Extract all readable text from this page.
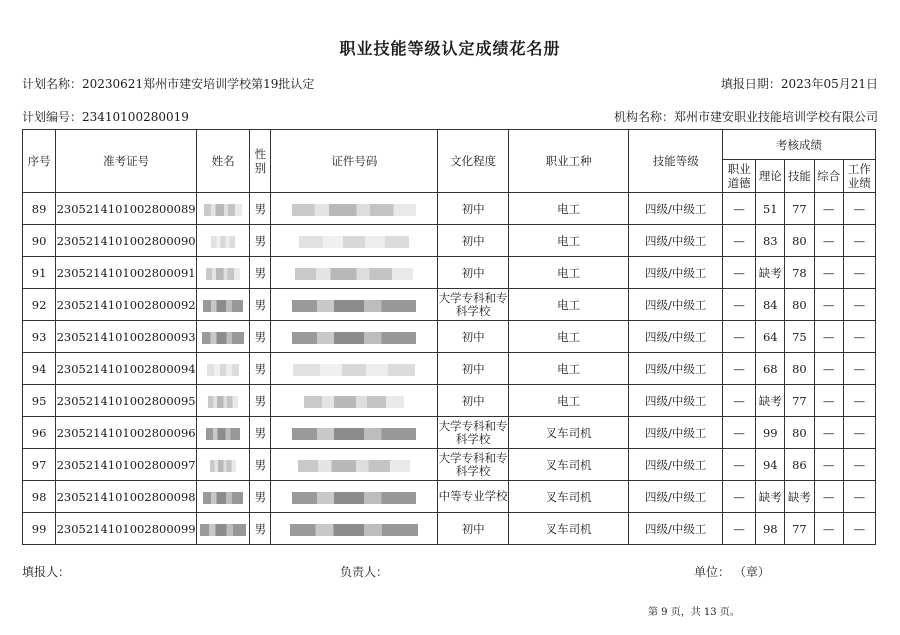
职业技能等级认定成绩花名册
计划名称：20230621郑州市建安培训学校第19批认定	填报日期：2023年05月21日
计划编号：23410100280019	机构名称：郑州市建安职业技能培训学校有限公司
序号	准考证号	姓名	性别	证件号码	文化程度	职业工种	技能等级	考核成绩				
								职业道德	理论	技能	综合	工作业绩
89	230521410100280008​9		男		初中	电工	四级/中级工	—	51	77	—	—
90	2305214101002800090		男		初中	电工	四级/中级工	—	83	80	—	—
91	2305214101002800091		男		初中	电工	四级/中级工	—	缺考	78	—	—
92	2305214101002800092		男		大学专科和专科学校	电工	四级/中级工	—	84	80	—	—
93	2305214101002800093		男		初中	电工	四级/中级工	—	64	75	—	—
94	2305214101002800094		男		初中	电工	四级/中级工	—	68	80	—	—
95	2305214101002800095		男		初中	电工	四级/中级工	—	缺考	77	—	—
96	2305214101002800096		男		大学专科和专科学校	叉车司机	四级/中级工	—	99	80	—	—
97	2305214101002800097		男		大学专科和专科学校	叉车司机	四级/中级工	—	94	86	—	—
98	2305214101002800098		男		中等专业学校	叉车司机	四级/中级工	—	缺考	缺考	—	—
99	2305214101002800099		男		初中	叉车司机	四级/中级工	—	98	77	—	—
填报人：	负责人：	单位： （章）
第 9 页，共 13 页。
